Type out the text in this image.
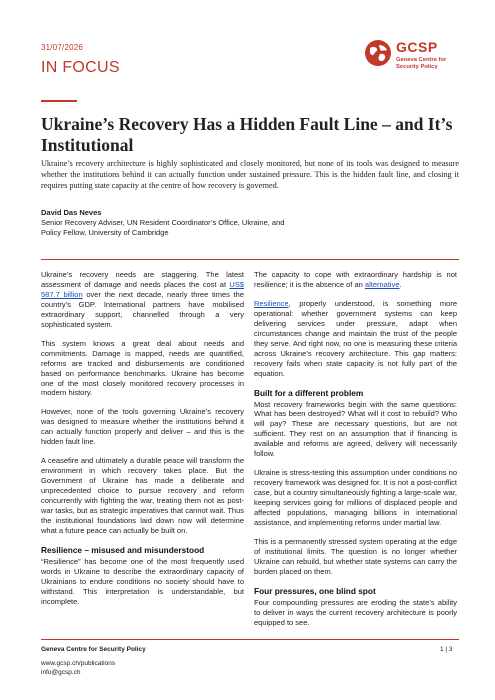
31/07/2026
IN FOCUS
GCSP
Geneva Centre for Security Policy
Ukraine’s Recovery Has a Hidden Fault Line – and It’s Institutional

Ukraine’s recovery architecture is highly sophisticated and closely monitored, but none of its tools was designed to measure whether the institutions behind it can actually function under sustained pressure. This is the hidden fault line, and closing it requires putting state capacity at the centre of how recovery is governed.

David Das Neves
Senior Recovery Adviser, UN Resident Coordinator’s Office, Ukraine, and Policy Fellow, University of Cambridge

Ukraine’s recovery needs are staggering. The latest assessment of damage and needs places the cost at US$ 587.7 billion over the next decade, nearly three times the country’s GDP. International partners have mobilised extraordinary support, channelled through a very sophisticated system.

This system knows a great deal about needs and commitments. Damage is mapped, needs are quantified, reforms are tracked and disbursements are conditioned based on performance benchmarks. Ukraine has become one of the most closely monitored recovery processes in modern history.

However, none of the tools governing Ukraine’s recovery was designed to measure whether the institutions behind it can actually function properly and deliver – and this is the hidden fault line.

A ceasefire and ultimately a durable peace will transform the environment in which recovery takes place. But the Government of Ukraine has made a deliberate and unprecedented choice to pursue recovery and reform concurrently with fighting the war, treating them not as post-war tasks, but as strategic imperatives that cannot wait. Thus the institutional foundations laid down now will determine what a future peace can actually be built on.

Resilience – misused and misunderstood

“Resilience” has become one of the most frequently used words in Ukraine to describe the extraordinary capacity of Ukrainians to endure conditions no society should have to withstand. This interpretation is understandable, but incomplete.

The capacity to cope with extraordinary hardship is not resilience; it is the absence of an alternative.

Resilience, properly understood, is something more operational: whether government systems can keep delivering services under pressure, adapt when circumstances change and maintain the trust of the people they serve. And right now, no one is measuring these criteria across Ukraine’s recovery architecture. This gap matters: recovery fails when state capacity is not fully part of the equation.

Built for a different problem

Most recovery frameworks begin with the same questions: What has been destroyed? What will it cost to rebuild? Who will pay? These are necessary questions, but are not sufficient. They rest on an assumption that if financing is available and reforms are agreed, delivery will necessarily follow.

Ukraine is stress-testing this assumption under conditions no recovery framework was designed for. It is not a post-conflict case, but a country simultaneously fighting a large-scale war, keeping services going for millions of displaced people and affected populations, managing billions in international assistance, and implementing reforms under martial law.

This is a permanently stressed system operating at the edge of institutional limits. The question is no longer whether Ukraine can rebuild, but whether state systems can carry the burden placed on them.

Four pressures, one blind spot

Four compounding pressures are eroding the state’s ability to deliver in ways the current recovery architecture is poorly equipped to see.

Geneva Centre for Security Policy
www.gcsp.ch/publications
info@gcsp.ch
1 | 3
